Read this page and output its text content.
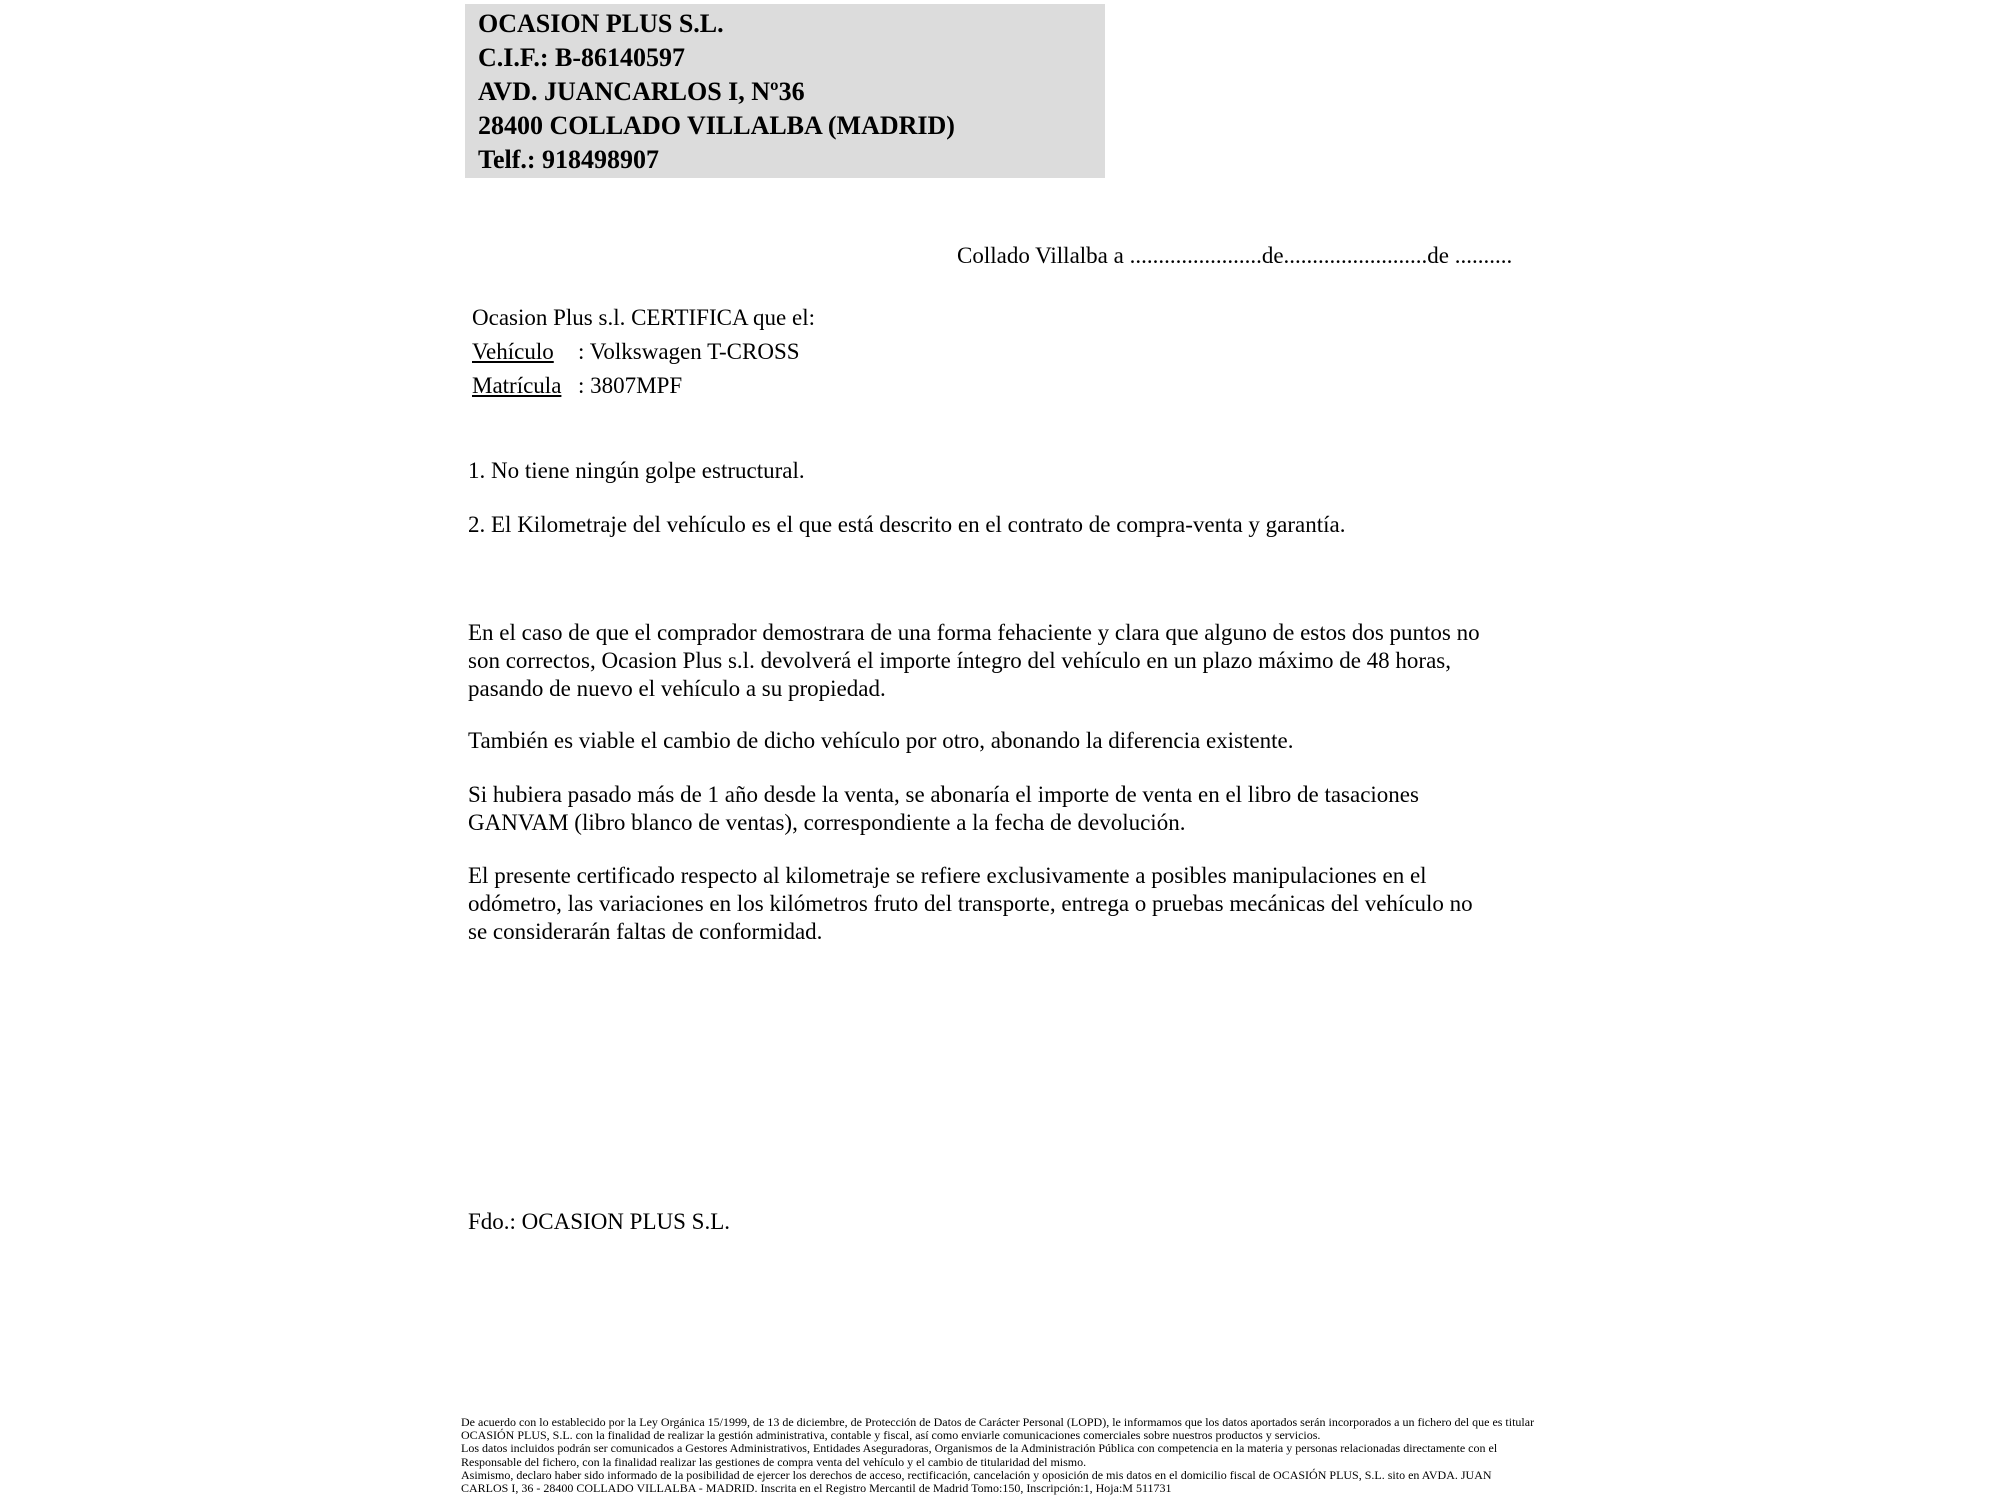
OCASION PLUS S.L.
C.I.F.: B-86140597
AVD. JUANCARLOS I, Nº36
28400 COLLADO VILLALBA (MADRID)
Telf.: 918498907
Collado Villalba a .......................de.........................de ..........
Ocasion Plus s.l. CERTIFICA que el:
Vehículo : Volkswagen T-CROSS
Matrícula : 3807MPF
1. No tiene ningún golpe estructural.
2. El Kilometraje del vehículo es el que está descrito en el contrato de compra-venta y garantía.
En el caso de que el comprador demostrara de una forma fehaciente y clara que alguno de estos dos puntos no
son correctos, Ocasion Plus s.l. devolverá el importe íntegro del vehículo en un plazo máximo de 48 horas,
pasando de nuevo el vehículo a su propiedad.
También es viable el cambio de dicho vehículo por otro, abonando la diferencia existente.
Si hubiera pasado más de 1 año desde la venta, se abonaría el importe de venta en el libro de tasaciones
GANVAM (libro blanco de ventas), correspondiente a la fecha de devolución.
El presente certificado respecto al kilometraje se refiere exclusivamente a posibles manipulaciones en el
odómetro, las variaciones en los kilómetros fruto del transporte, entrega o pruebas mecánicas del vehículo no
se considerarán faltas de conformidad.
Fdo.: OCASION PLUS S.L.
De acuerdo con lo establecido por la Ley Orgánica 15/1999, de 13 de diciembre, de Protección de Datos de Carácter Personal (LOPD), le informamos que los datos aportados serán incorporados a un fichero del que es titular
OCASIÓN PLUS, S.L. con la finalidad de realizar la gestión administrativa, contable y fiscal, así como enviarle comunicaciones comerciales sobre nuestros productos y servicios.
Los datos incluidos podrán ser comunicados a Gestores Administrativos, Entidades Aseguradoras, Organismos de la Administración Pública con competencia en la materia y personas relacionadas directamente con el
Responsable del fichero, con la finalidad realizar las gestiones de compra venta del vehículo y el cambio de titularidad del mismo.
Asimismo, declaro haber sido informado de la posibilidad de ejercer los derechos de acceso, rectificación, cancelación y oposición de mis datos en el domicilio fiscal de OCASIÓN PLUS, S.L. sito en AVDA. JUAN
CARLOS I, 36 - 28400 COLLADO VILLALBA - MADRID. Inscrita en el Registro Mercantil de Madrid Tomo:150, Inscripción:1, Hoja:M 511731
